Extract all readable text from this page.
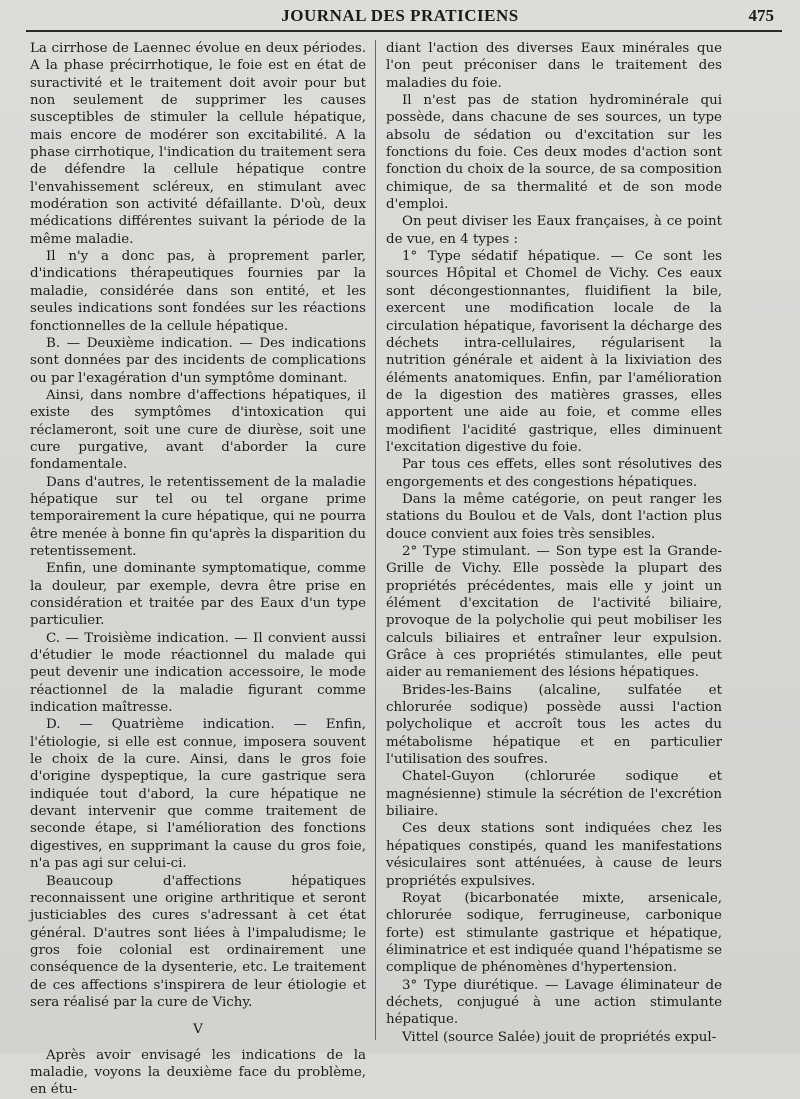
JOURNAL DES PRATICIENS	475

La cirrhose de Laennec évolue en deux périodes. A la phase précirrhotique, le foie est en état de suractivité et le traitement doit avoir pour but non seulement de supprimer les causes susceptibles de stimuler la cellule hépatique, mais encore de modérer son excitabilité. A la phase cirrhotique, l'indication du traitement sera de défendre la cellule hépatique contre l'envahissement scléreux, en stimulant avec modération son activité défaillante. D'où, deux médications différentes suivant la période de la même maladie.

Il n'y a donc pas, à proprement parler, d'indications thérapeutiques fournies par la maladie, considérée dans son entité, et les seules indications sont fondées sur les réactions fonctionnelles de la cellule hépatique.

B. — Deuxième indication. — Des indications sont données par des incidents de complications ou par l'exagération d'un symptôme dominant.

Ainsi, dans nombre d'affections hépatiques, il existe des symptômes d'intoxication qui réclameront, soit une cure de diurèse, soit une cure purgative, avant d'aborder la cure fondamentale.

Dans d'autres, le retentissement de la maladie hépatique sur tel ou tel organe prime temporairement la cure hépatique, qui ne pourra être menée à bonne fin qu'après la disparition du retentissement.

Enfin, une dominante symptomatique, comme la douleur, par exemple, devra être prise en considération et traitée par des Eaux d'un type particulier.

C. — Troisième indication. — Il convient aussi d'étudier le mode réactionnel du malade qui peut devenir une indication accessoire, le mode réactionnel de la maladie figurant comme indication maîtresse.

D. — Quatrième indication. — Enfin, l'étiologie, si elle est connue, imposera souvent le choix de la cure. Ainsi, dans le gros foie d'origine dyspeptique, la cure gastrique sera indiquée tout d'abord, la cure hépatique ne devant intervenir que comme traitement de seconde étape, si l'amélioration des fonctions digestives, en supprimant la cause du gros foie, n'a pas agi sur celui-ci.

Beaucoup d'affections hépatiques reconnaissent une origine arthritique et seront justiciables des cures s'adressant à cet état général. D'autres sont liées à l'impaludisme; le gros foie colonial est ordinairement une conséquence de la dysenterie, etc. Le traitement de ces affections s'inspirera de leur étiologie et sera réalisé par la cure de Vichy.

V

Après avoir envisagé les indications de la maladie, voyons la deuxième face du problème, en étu-

diant l'action des diverses Eaux minérales que l'on peut préconiser dans le traitement des maladies du foie.

Il n'est pas de station hydrominérale qui possède, dans chacune de ses sources, un type absolu de sédation ou d'excitation sur les fonctions du foie. Ces deux modes d'action sont fonction du choix de la source, de sa composition chimique, de sa thermalité et de son mode d'emploi.

On peut diviser les Eaux françaises, à ce point de vue, en 4 types :

1° Type sédatif hépatique. — Ce sont les sources Hôpital et Chomel de Vichy. Ces eaux sont décongestionnantes, fluidifient la bile, exercent une modification locale de la circulation hépatique, favorisent la décharge des déchets intra-cellulaires, régularisent la nutrition générale et aident à la lixiviation des éléments anatomiques. Enfin, par l'amélioration de la digestion des matières grasses, elles apportent une aide au foie, et comme elles modifient l'acidité gastrique, elles diminuent l'excitation digestive du foie.

Par tous ces effets, elles sont résolutives des engorgements et des congestions hépatiques.

Dans la même catégorie, on peut ranger les stations du Boulou et de Vals, dont l'action plus douce convient aux foies très sensibles.

2° Type stimulant. — Son type est la Grande-Grille de Vichy. Elle possède la plupart des propriétés précédentes, mais elle y joint un élément d'excitation de l'activité biliaire, provoque de la polycholie qui peut mobiliser les calculs biliaires et entraîner leur expulsion. Grâce à ces propriétés stimulantes, elle peut aider au remaniement des lésions hépatiques.

Brides-les-Bains (alcaline, sulfatée et chlorurée sodique) possède aussi l'action polycholique et accroît tous les actes du métabolisme hépatique et en particulier l'utilisation des soufres.

Chatel-Guyon (chlorurée sodique et magnésienne) stimule la sécrétion de l'excrétion biliaire.

Ces deux stations sont indiquées chez les hépatiques constipés, quand les manifestations vésiculaires sont atténuées, à cause de leurs propriétés expulsives.

Royat (bicarbonatée mixte, arsenicale, chlorurée sodique, ferrugineuse, carbonique forte) est stimulante gastrique et hépatique, éliminatrice et est indiquée quand l'hépatisme se complique de phénomènes d'hypertension.

3° Type diurétique. — Lavage éliminateur de déchets, conjugué à une action stimulante hépatique.

Vittel (source Salée) jouit de propriétés expul-
